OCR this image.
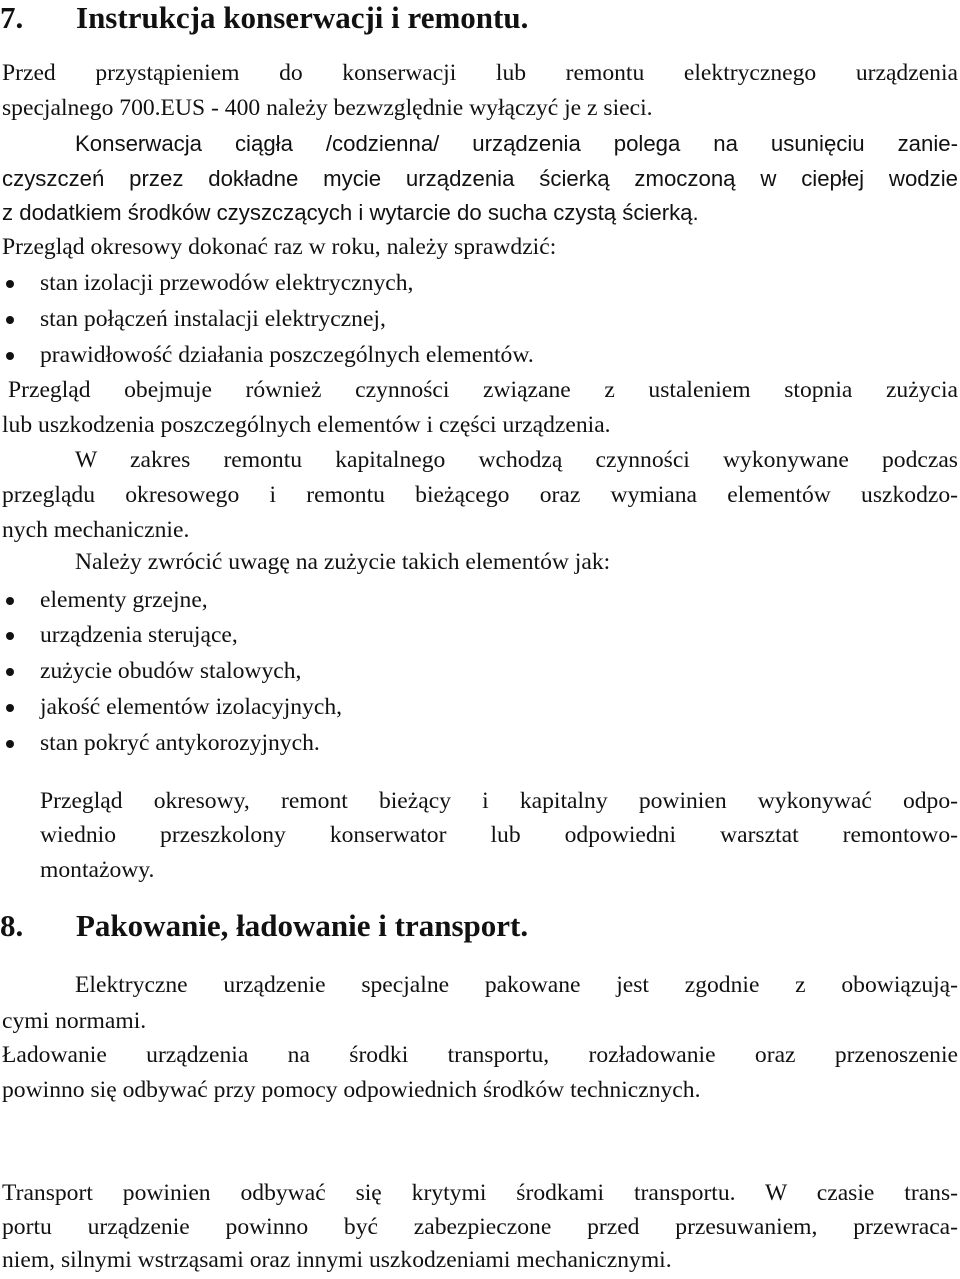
7. Instrukcja konserwacji i remontu.
Przed przystąpieniem do konserwacji lub remontu elektrycznego urządzenia
specjalnego 700.EUS - 400 należy bezwzględnie wyłączyć je z sieci.
Konserwacja ciągła /codzienna/ urządzenia polega na usunięciu zanie-
czyszczeń przez dokładne mycie urządzenia ścierką zmoczoną w ciepłej wodzie
z dodatkiem środków czyszczących i wytarcie do sucha czystą ścierką.
Przegląd okresowy dokonać raz w roku, należy sprawdzić:
stan izolacji przewodów elektrycznych,
stan połączeń instalacji elektrycznej,
prawidłowość działania poszczególnych elementów.
Przegląd obejmuje również czynności związane z ustaleniem stopnia zużycia
lub uszkodzenia poszczególnych elementów i części urządzenia.
W zakres remontu kapitalnego wchodzą czynności wykonywane podczas
przeglądu okresowego i remontu bieżącego oraz wymiana elementów uszkodzo-
nych mechanicznie.
Należy zwrócić uwagę na zużycie takich elementów jak:
elementy grzejne,
urządzenia sterujące,
zużycie obudów stalowych,
jakość elementów izolacyjnych,
stan pokryć antykorozyjnych.
Przegląd okresowy, remont bieżący i kapitalny powinien wykonywać odpo-
wiednio przeszkolony konserwator lub odpowiedni warsztat remontowo-
montażowy.
8. Pakowanie, ładowanie i transport.
Elektryczne urządzenie specjalne pakowane jest zgodnie z obowiązują-
cymi normami.
Ładowanie urządzenia na środki transportu, rozładowanie oraz przenoszenie
powinno się odbywać przy pomocy odpowiednich środków technicznych.
Transport powinien odbywać się krytymi środkami transportu. W czasie trans-
portu urządzenie powinno być zabezpieczone przed przesuwaniem, przewraca-
niem, silnymi wstrząsami oraz innymi uszkodzeniami mechanicznymi.
